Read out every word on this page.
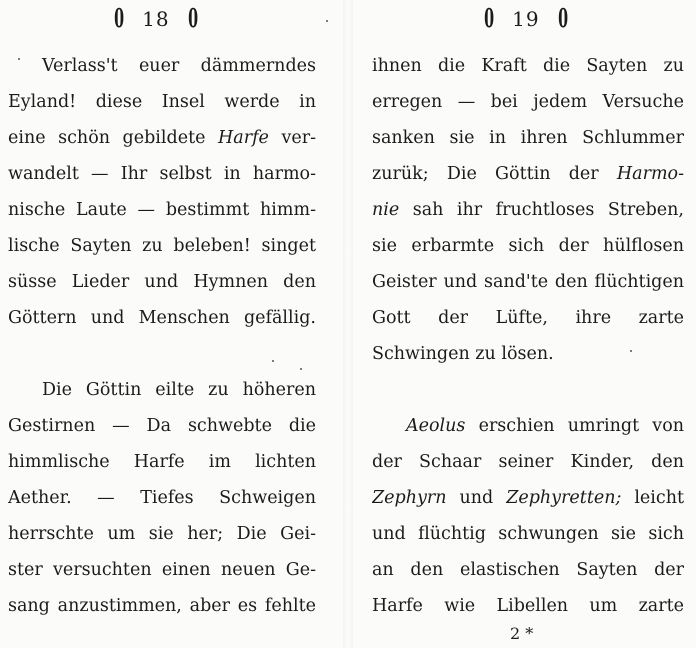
0 18 0
Verlass't euer dämmerndes
Eyland! diese Insel werde in
eine schön gebildete Harfe ver-
wandelt — Ihr selbst in harmo-
nische Laute — bestimmt himm-
lische Sayten zu beleben! singet
süsse Lieder und Hymnen den
Göttern und Menschen gefällig.
Die Göttin eilte zu höheren
Gestirnen — Da schwebte die
himmlische Harfe im lichten
Aether. — Tiefes Schweigen
herrschte um sie her; Die Gei-
ster versuchten einen neuen Ge-
sang anzustimmen, aber es fehlte
0 19 0
ihnen die Kraft die Sayten zu
erregen — bei jedem Versuche
sanken sie in ihren Schlummer
zurük; Die Göttin der Harmo-
nie sah ihr fruchtloses Streben,
sie erbarmte sich der hülflosen
Geister und sand'te den flüchtigen
Gott der Lüfte, ihre zarte
Schwingen zu lösen.
Aeolus erschien umringt von
der Schaar seiner Kinder, den
Zephyrn und Zephyretten; leicht
und flüchtig schwungen sie sich
an den elastischen Sayten der
Harfe wie Libellen um zarte
2 *
